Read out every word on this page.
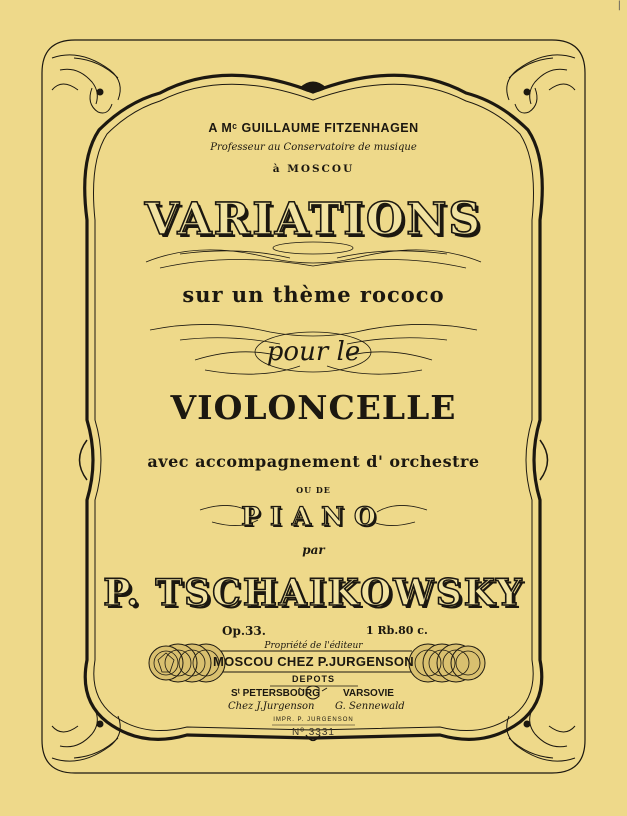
|
A Mᶜ GUILLAUME FITZENHAGEN
Professeur au Conservatoire de musique
à MOSCOU
VARIATIONS
sur un thème rococo
pour le
VIOLONCELLE
avec accompagnement d' orchestre
OU DE
PIANO
par
P. TSCHAIKOWSKY
Op.33.	1 Rb.80 c.
Propriété de l'éditeur
MOSCOU CHEZ P.JURGENSON
DEPOTS
Sᵗ PETERSBOURG VARSOVIE
Chez J.Jurgenson G. Sennewald
IMPR. P. JURGENSON
Nº 3331
